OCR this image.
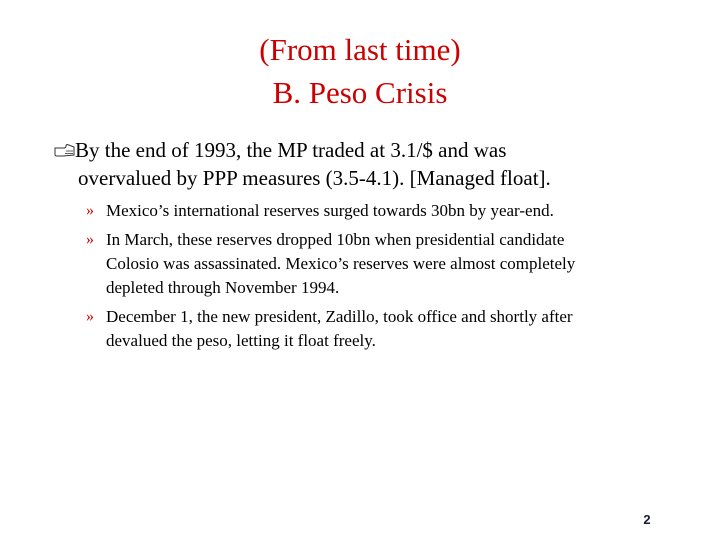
(From last time)
B. Peso Crisis
By the end of 1993, the MP traded at 3.1/$ and was
overvalued by PPP measures (3.5-4.1). [Managed float].
» Mexico’s international reserves surged towards 30bn by year-end.
» In March, these reserves dropped 10bn when presidential candidate
Colosio was assassinated. Mexico’s reserves were almost completely
depleted through November 1994.
» December 1, the new president, Zadillo, took office and shortly after
devalued the peso, letting it float freely.
2
